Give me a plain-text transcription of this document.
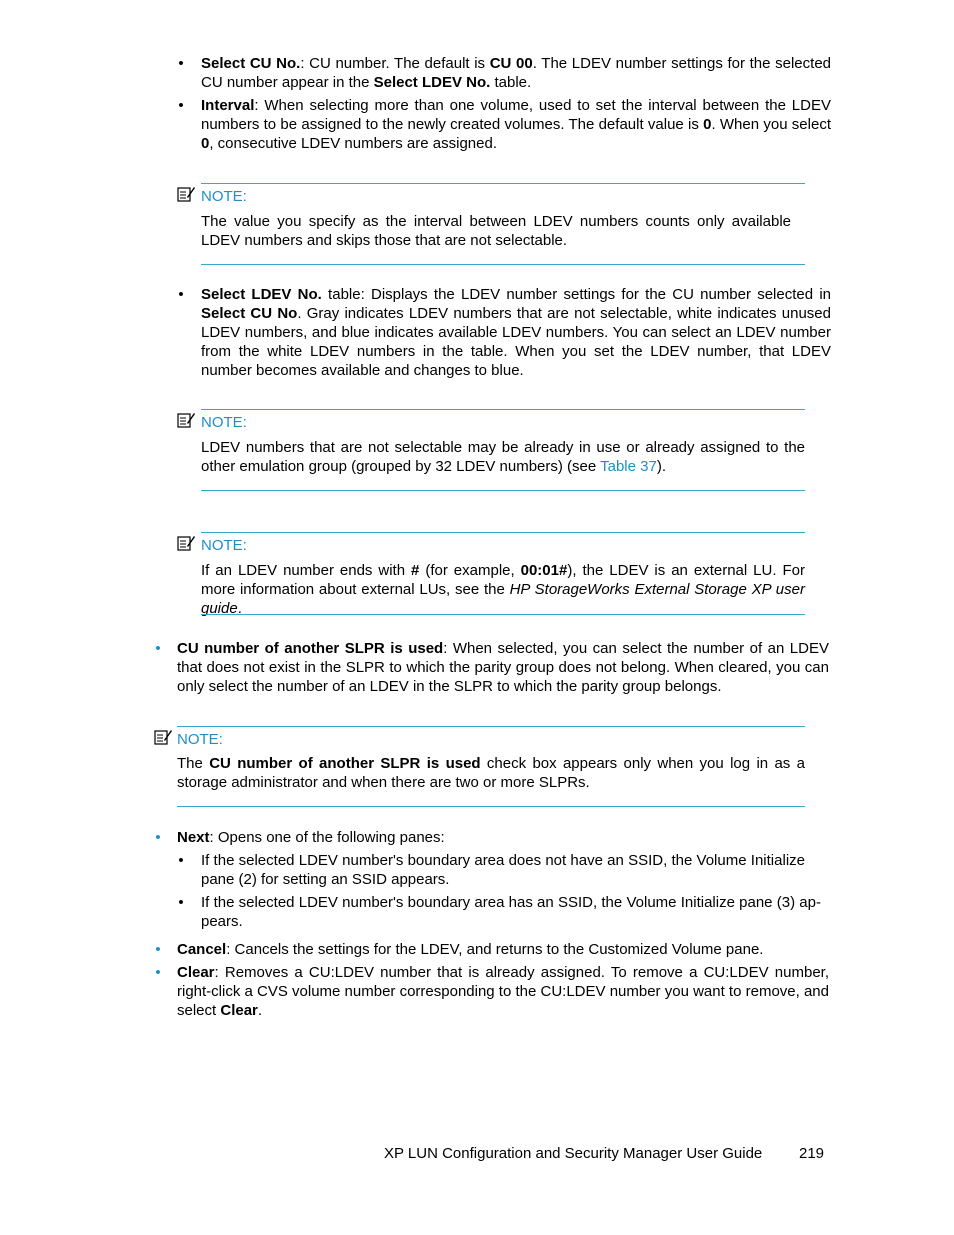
• Select CU No.: CU number. The default is CU 00. The LDEV number settings for the selected CU number appear in the Select LDEV No. table.
• Interval: When selecting more than one volume, used to set the interval between the LDEV numbers to be assigned to the newly created volumes. The default value is 0. When you select 0, consecutive LDEV numbers are assigned.
NOTE:
The value you specify as the interval between LDEV numbers counts only available LDEV numbers and skips those that are not selectable.
• Select LDEV No. table: Displays the LDEV number settings for the CU number selected in Select CU No. Gray indicates LDEV numbers that are not selectable, white indicates unused LDEV numbers, and blue indicates available LDEV numbers. You can select an LDEV number from the white LDEV numbers in the table. When you set the LDEV number, that LDEV number becomes available and changes to blue.
NOTE:
LDEV numbers that are not selectable may be already in use or already assigned to the other emulation group (grouped by 32 LDEV numbers) (see Table 37).
NOTE:
If an LDEV number ends with # (for example, 00:01#), the LDEV is an external LU. For more information about external LUs, see the HP StorageWorks External Storage XP user guide.
• CU number of another SLPR is used: When selected, you can select the number of an LDEV that does not exist in the SLPR to which the parity group does not belong. When cleared, you can only select the number of an LDEV in the SLPR to which the parity group belongs.
NOTE:
The CU number of another SLPR is used check box appears only when you log in as a storage administrator and when there are two or more SLPRs.
• Next: Opens one of the following panes:
• If the selected LDEV number's boundary area does not have an SSID, the Volume Initialize pane (2) for setting an SSID appears.
• If the selected LDEV number's boundary area has an SSID, the Volume Initialize pane (3) ap-pears.
• Cancel: Cancels the settings for the LDEV, and returns to the Customized Volume pane.
• Clear: Removes a CU:LDEV number that is already assigned. To remove a CU:LDEV number, right-click a CVS volume number corresponding to the CU:LDEV number you want to remove, and select Clear.
XP LUN Configuration and Security Manager User Guide 219
